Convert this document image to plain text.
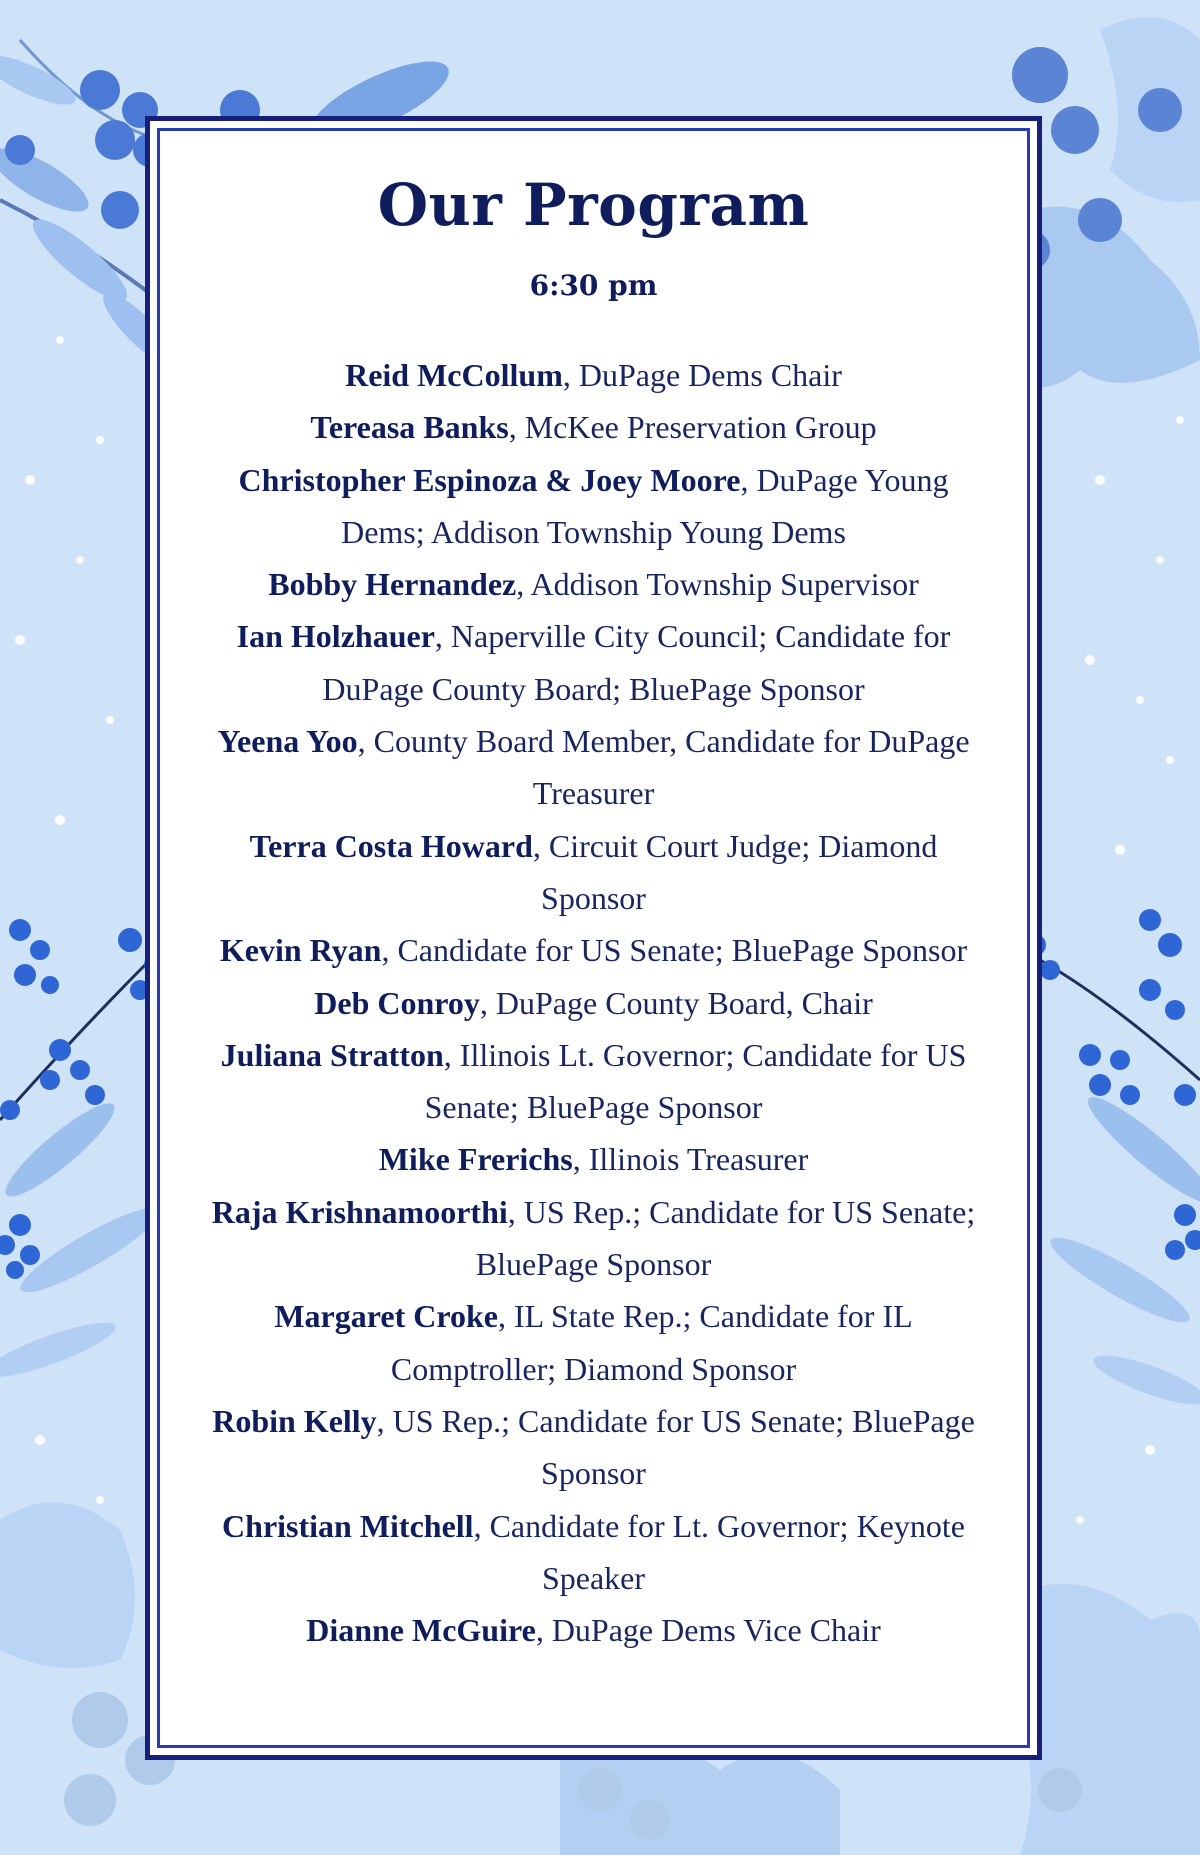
Our Program
6:30 pm
Reid McCollum, DuPage Dems Chair
Tereasa Banks, McKee Preservation Group
Christopher Espinoza & Joey Moore, DuPage Young Dems; Addison Township Young Dems
Bobby Hernandez, Addison Township Supervisor
Ian Holzhauer, Naperville City Council; Candidate for DuPage County Board; BluePage Sponsor
Yeena Yoo, County Board Member, Candidate for DuPage Treasurer
Terra Costa Howard, Circuit Court Judge; Diamond Sponsor
Kevin Ryan, Candidate for US Senate; BluePage Sponsor
Deb Conroy, DuPage County Board, Chair
Juliana Stratton, Illinois Lt. Governor; Candidate for US Senate; BluePage Sponsor
Mike Frerichs, Illinois Treasurer
Raja Krishnamoorthi, US Rep.; Candidate for US Senate; BluePage Sponsor
Margaret Croke, IL State Rep.; Candidate for IL Comptroller; Diamond Sponsor
Robin Kelly, US Rep.; Candidate for US Senate; BluePage Sponsor
Christian Mitchell, Candidate for Lt. Governor; Keynote Speaker
Dianne McGuire, DuPage Dems Vice Chair
